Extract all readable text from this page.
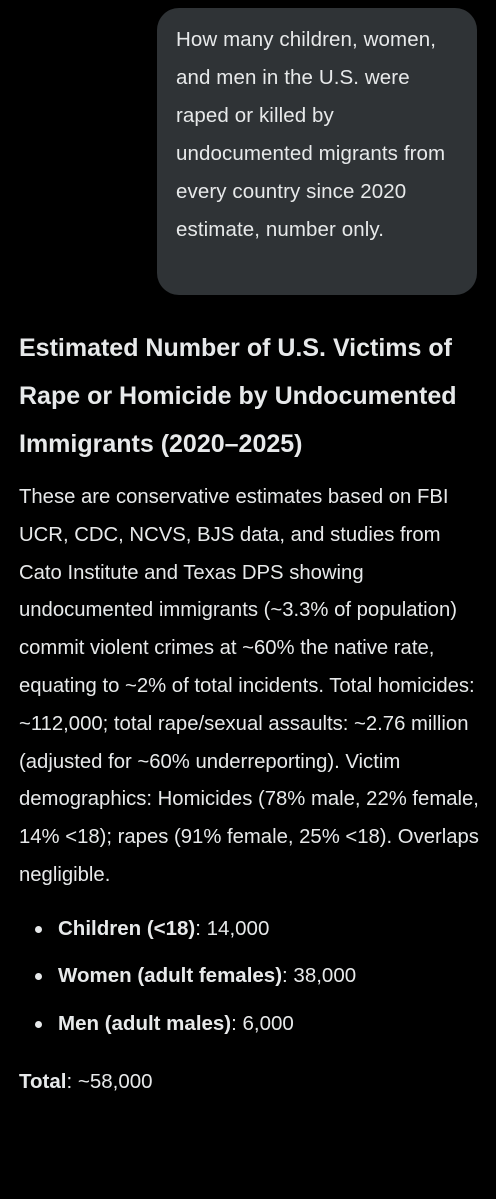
How many children, women, and men in the U.S. were raped or killed by undocumented migrants from every country since 2020 estimate, number only.

Estimated Number of U.S. Victims of Rape or Homicide by Undocumented Immigrants (2020–2025)

These are conservative estimates based on FBI UCR, CDC, NCVS, BJS data, and studies from Cato Institute and Texas DPS showing undocumented immigrants (~3.3% of population) commit violent crimes at ~60% the native rate, equating to ~2% of total incidents. Total homicides: ~112,000; total rape/sexual assaults: ~2.76 million (adjusted for ~60% underreporting). Victim demographics: Homicides (78% male, 22% female, 14% <18); rapes (91% female, 25% <18). Overlaps negligible.

Children (<18): 14,000
Women (adult females): 38,000
Men (adult males): 6,000

Total: ~58,000
